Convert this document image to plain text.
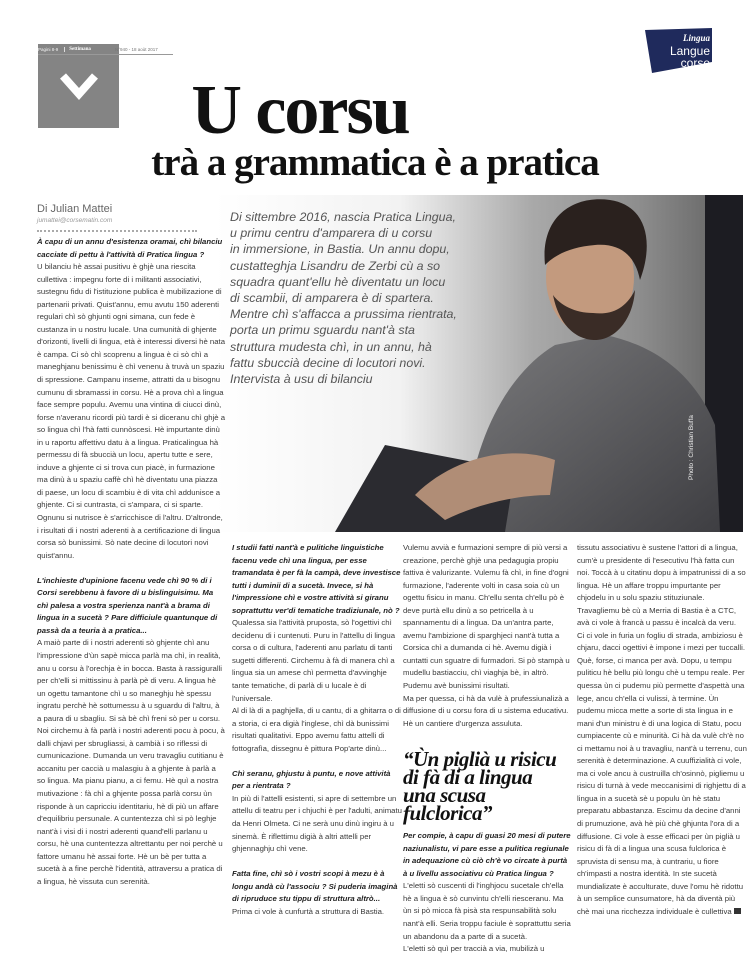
Pagini 8-9	Settimana	N°940 - 18 aoùt 2017
Lingua
Langue
corse
U corsu
trà a grammatica è a pratica
Di sittembre 2016, nascia Pratica Lingua,
u primu centru d'amparera di u corsu
in immersione, in Bastia. Un annu dopu,
custatteghja Lisandru de Zerbi cù a so
squadra quant'ellu hè diventatu un locu
di scambii, di amparera è di spartera.
Mentre chì s'affacca a prussima rientrata,
porta un primu sguardu nant'à sta
struttura mudesta chì, in un annu, hà
fattu sbuccià decine di locutori novi.
Intervista à usu di bilanciu
Photo : Christian Buffa
Di Julian Mattei
jumattei@corsematin.com

À capu di un annu d'esistenza oramai, chì bilanciu cacciate di pettu à l'attività di Pratica lingua ?

U bilanciu hè assai pusitivu è ghjè una riescita cullettiva : impegnu forte di i militanti associativi, sustegnu fidu di l'istituzione publica è mubilizazione di partenarii privati. Quist'annu, emu avutu 150 aderenti regulari chì sò ghjunti ogni simana, cun fede è custanza in u nostru lucale. Una cumunità di ghjente d'orizonti, livelli di lingua, età è interessi diversi hè nata è campa. Ci sò chì scoprenu a lingua è ci sò chì a maneghjanu benissimu è chì venenu à truvà un spaziu di spressione. Campanu inseme, attratti da u bisognu cumunu di sbramassi in corsu. Hè a prova chì a lingua face sempre populu. Avemu una vintina di ciucci dinù, forse n'averanu ricordi più tardi è si diceranu chì ghjè a so lingua chì l'hà fatti cunnòscesi. Hè impurtante dinù in u raportu affettivu datu à a lingua. Praticalingua hà permessu di fà sbuccià un locu, apertu tutte e sere, induve a ghjente ci si trova cun piacè, in furmazione ma dinù à u spaziu caffè chì hè diventatu una piazza di paese, un locu di scambiu è di vita chì addunisce a ghjente. Ci si cuntrasta, ci s'ampara, ci si sparte. Ognunu si nutrisce è s'arricchisce di l'altru. D'altronde, i risultati di i nostri aderenti à a certificazione di lingua corsa sò bunissimi. Sò nate decine di locutori novi quist'annu.

L'inchieste d'upinione facenu vede chì 90 % di i Corsi serebbenu à favore di u bislinguisimu. Ma chì palesa a vostra sperienza nant'à a brama di lingua in a sucetà ? Pare difficiule quantunque di passà da a teuria à a pratica...

A maiò parte di i nostri aderenti sò ghjente chì anu l'impressione d'ùn sapè micca parlà ma chì, in realità, anu u corsu à l'orechja è in bocca. Basta à rassiguralli per ch'elli si mittissinu à parlà pè di veru. A lingua hè un ogettu tamantone chì u so maneghju hè spessu ingratu perchè hè sottumessu à u sguardu di l'altru, à a paura di u sbagliu. Si sà bè chì freni sò per u corsu.

Noi circhemu à fà parlà i nostri aderenti pocu à pocu, à dalli chjavi per sbrugliassi, à cambià i so riflessi di cumunicazione. Dumanda un veru travagliu cutitianu è accanitu per caccià u malasgiu à a ghjente à parlà a so lingua. Ma pianu pianu, a ci femu. Hè quì a nostra mutivazione : fà chì a ghjente possa parlà corsu ùn risponde à un capricciu identitariu, hè di più un affare d'equilibriu persunale. A cuntentezza chì si pò leghje nant'à i visi di i nostri aderenti quand'elli parlanu u corsu, hè una cuntentezza altrettantu per noi perchè u fattore umanu hè assai forte. Hè un bè per tutta a sucetà à a fine perchè l'identità, attraversu a pratica di a lingua, hè vissuta cun serenità.

I studii fatti nant'à e pulitiche linguistiche facenu vede chì una lingua, per esse tramandata è per fà la campà, deve investisce tutti i duminii di a sucetà. Invece, si hà l'impressione chì e vostre attività si giranu soprattuttu ver'di tematiche tradiziunale, nò ?

Qualessa sia l'attività pruposta, sò l'ogettivi chì decidenu di i cuntenuti. Puru in l'attellu di lingua corsa o di cultura, l'aderenti anu parlatu di tanti sugetti differenti. Circhemu à fà di manera chì a lingua sia un amese chì permetta d'avvinghje tante tematiche, di parlà di u lucale è di l'universale.

Al di là di a paghjella, di u cantu, di a ghitarra o di a storia, ci era digià l'inglese, chì dà bunissimi risultati qualitativi. Eppo avemu fattu attelli di fottografìa, dissegnu è pittura Pop'arte dinù...

Chì seranu, ghjustu à puntu, e nove attività per a rientrata ?

In più di l'attelli esistenti, si apre di settembre un attellu di teatru per i chjuchi è per l'adulti, animatu da Henri Olmeta. Ci ne serà unu dinù ingiru à u sinemà. È riflettimu digià à altri attelli per ghjennaghju chì vene.

Fatta fine, chì sò i vostri scopi à mezu è à longu andà cù l'associu ? Si puderia imaginà di ripruduce stu tippu di struttura altrò...

Prima ci vole à cunfurtà a struttura di Bastia.

Vulemu avvià e furmazioni sempre di più versi a creazione, perchè ghjè una pedagugia propiu fattiva è valurizante. Vulemu fà chì, in fine d'ogni furmazione, l'aderente volti in casa soia cù un ogettu fisicu in manu. Ch'ellu senta ch'ellu pò è deve purtà ellu dinù a so petricella à u spannamentu di a lingua. Da un'antra parte, avemu l'ambizione di sparghjeci nant'à tutta a Corsica chì a dumanda ci hè. Avemu digià i cuntatti cun sguatre di furmadori. Si pò stampà u mudellu bastiacciu, chì viaghja bè, in altrò. Pudemu avè bunissimi risultati.

Ma per quessa, ci hà da vulè à prufessiunalizà a diffusione di u corsu fora di u sistema educativu. Hè un cantiere d'urgenza assuluta.

“Ùn piglià u risicu
di fà di a lingua
una scusa fulclorica”

Per compie, à capu di guasi 20 mesi di putere naziunalistu, vi pare esse a pulitica regiunale in adequazione cù ciò ch'è vo circate à purtà à u livellu associativu cù Pratica lingua ?

L'eletti sò cuscenti di l'inghjocu sucetale ch'ella hè a lingua è sò cunvintu ch'elli riesceranu. Ma ùn si pò micca fà pisà sta respunsabilità solu nant'à elli. Seria troppu faciule è soprattuttu seria un abandonu da a parte di a sucetà.

L'eletti sò quì per traccià a via, mubilizà u

tissutu associativu è sustene l'attori di a lingua, cum'è u presidente di l'esecutivu l'hà fatta cun noi. Toccà à u citatinu dopu à impatrunissi di a so lingua. Hè un affare troppu impurtante per chjodelu in u solu spaziu stituziunale. Travagliemu bè cù a Merria di Bastia è a CTC, avà ci vole à francà u passu è incalcà da veru.

Ci ci vole in furia un fogliu di strada, ambiziosu è chjaru, dacci ogettivi è impone i mezi per tuccalli. Què, forse, ci manca per avà. Dopu, u tempu puliticu hè bellu più longu chè u tempu reale. Per quessa ùn ci pudemu più permette d'aspettà una lege, ancu ch'ella ci vulissi, à termine. Ùn pudemu micca mette a sorte di sta lingua in e mani d'un ministru è di una logica di Statu, pocu cumpiacente cù e minurità. Ci hà da vulè ch'è no ci mettamu noi à u travagliu, nant'à u terrenu, cun serenità è determinazione. A cuuffizialità ci vole, ma ci vole ancu à custruilla ch'osinnò, pigliemu u risicu di turnà à vede meccanisimi di righjettu di a lingua in a sucetà sè u populu ùn hè statu preparatu abbastanza. Escimu da decine d'anni di prumuzione, avà hè più chè ghjunta l'ora di a diffusione. Ci vole à esse efficaci per ùn piglià u risicu di fà di a lingua una scusa fulclorica è spruvista di sensu ma, à cuntrariu, u fiore ch'impasti a nostra identità. In ste sucetà mundializate è acculturate, duve l'omu hè ridottu à un semplice cunsumatore, hà da diventà più chè mai una ricchezza individuale è cullettiva
